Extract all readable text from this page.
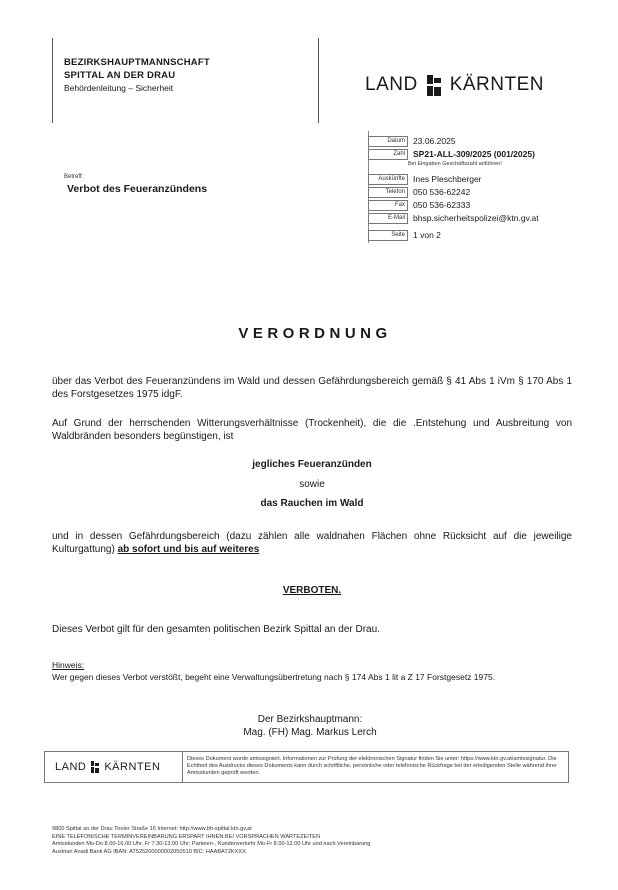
BEZIRKSHAUPTMANNSCHAFT
SPITTAL AN DER DRAU
Behördenleitung – Sicherheit	LAND KÄRNTEN
Datum 23.06.2025
Zahl SP21-ALL-309/2025 (001/2025)
Bei Eingaben Geschäftszahl anführen!
Auskünfte Ines Pleschberger
Telefon 050 536-62242
Fax 050 536-62333
E-Mail bhsp.sicherheitspolizei@ktn.gv.at
Seite 1 von 2
Betreff:
Verbot des Feueranzündens
VERORDNUNG
über das Verbot des Feueranzündens im Wald und dessen Gefährdungsbereich gemäß § 41 Abs 1 iVm § 170 Abs 1 des Forstgesetzes 1975 idgF.
Auf Grund der herrschenden Witterungsverhältnisse (Trockenheit), die die .Entstehung und Ausbreitung von Waldbränden besonders begünstigen, ist
jegliches Feueranzünden
sowie
das Rauchen im Wald
und in dessen Gefährdungsbereich (dazu zählen alle waldnahen Flächen ohne Rücksicht auf die jeweilige Kulturgattung) ab sofort und bis auf weiteres
VERBOTEN.
Dieses Verbot gilt für den gesamten politischen Bezirk Spittal an der Drau.
Hinweis:
Wer gegen dieses Verbot verstößt, begeht eine Verwaltungsübertretung nach § 174 Abs 1 lit a Z 17 Forstgesetz 1975.
Der Bezirkshauptmann:
Mag. (FH) Mag. Markus Lerch
LAND KÄRNTEN
Dieses Dokument wurde amtssigniert. Informationen zur Prüfung der elektronischen Signatur finden Sie unter: https://www.ktn.gv.at/amtssignatur. Die Echtheit des Ausdrucks dieses Dokuments kann durch schriftliche, persönliche oder telefonische Rückfrage bei der erledigenden Stelle während ihrer Amtsstunden geprüft werden.
9800 Spittal an der Drau Tiroler Straße 16 Internet: http://www.bh-spittal.ktn.gv.at
EINE TELEFONISCHE TERMINVEREINBARUNG ERSPART IHNEN BEI VORSPRACHEN WARTEZEITEN
Amtsstunden Mo-Do 8.00-16.00 Uhr, Fr 7.30-13.00 Uhr; Parteien-, Kundenverkehr Mo-Fr 8.00-12.00 Uhr und nach Vereinbarung
Austrian Anadi Bank AG IBAN: AT525200000002050510 BIC: HAABAT2KXXX
